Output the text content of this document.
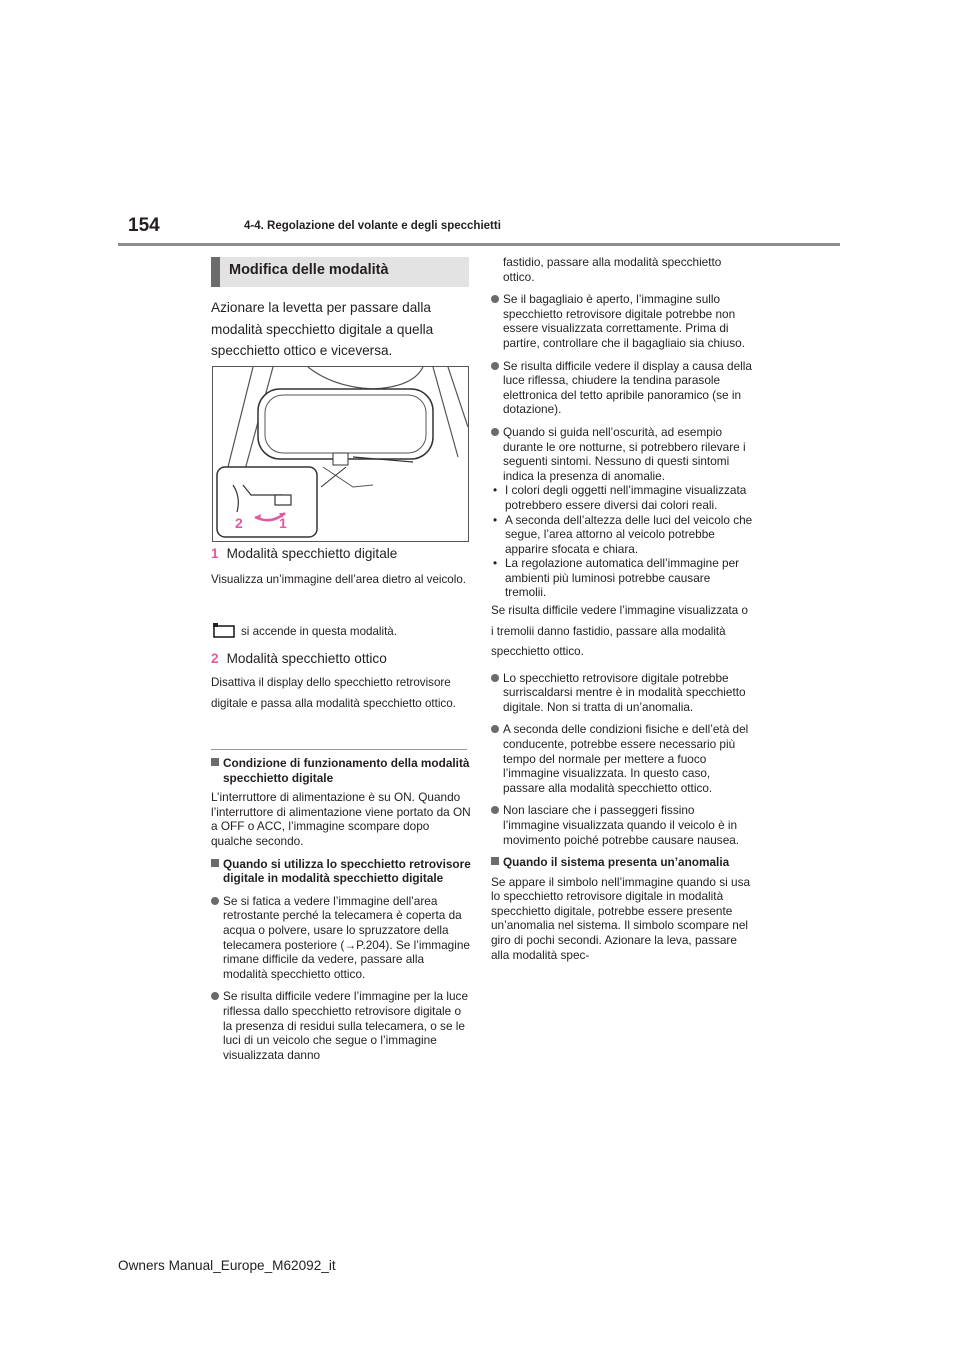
154	4-4. Regolazione del volante e degli specchietti
Modifica delle modalità
Azionare la levetta per passare dalla modalità specchietto digitale a quella specchietto ottico e viceversa.
2	1
1 Modalità specchietto digitale
Visualizza un’immagine dell’area dietro al veicolo.
si accende in questa modalità.
2 Modalità specchietto ottico
Disattiva il display dello specchietto retrovisore digitale e passa alla modalità specchietto ottico.
Condizione di funzionamento della modalità specchietto digitale
L’interruttore di alimentazione è su ON. Quando l’interruttore di alimentazione viene portato da ON a OFF o ACC, l’immagine scompare dopo qualche secondo.
Quando si utilizza lo specchietto retrovisore digitale in modalità specchietto digitale
Se si fatica a vedere l’immagine dell’area retrostante perché la telecamera è coperta da acqua o polvere, usare lo spruzzatore della telecamera posteriore (→P.204). Se l’immagine rimane difficile da vedere, passare alla modalità specchietto ottico.
Se risulta difficile vedere l’immagine per la luce riflessa dallo specchietto retrovisore digitale o la presenza di residui sulla telecamera, o se le luci di un veicolo che segue o l’immagine visualizzata danno
fastidio, passare alla modalità specchietto ottico.
Se il bagagliaio è aperto, l’immagine sullo specchietto retrovisore digitale potrebbe non essere visualizzata correttamente. Prima di partire, controllare che il bagagliaio sia chiuso.
Se risulta difficile vedere il display a causa della luce riflessa, chiudere la tendina parasole elettronica del tetto apribile panoramico (se in dotazione).
Quando si guida nell’oscurità, ad esempio durante le ore notturne, si potrebbero rilevare i seguenti sintomi. Nessuno di questi sintomi indica la presenza di anomalie.
• I colori degli oggetti nell’immagine visualizzata potrebbero essere diversi dai colori reali.
• A seconda dell’altezza delle luci del veicolo che segue, l’area attorno al veicolo potrebbe apparire sfocata e chiara.
• La regolazione automatica dell’immagine per ambienti più luminosi potrebbe causare tremolii.
Se risulta difficile vedere l’immagine visualizzata o i tremolii danno fastidio, passare alla modalità specchietto ottico.
Lo specchietto retrovisore digitale potrebbe surriscaldarsi mentre è in modalità specchietto digitale. Non si tratta di un’anomalia.
A seconda delle condizioni fisiche e dell’età del conducente, potrebbe essere necessario più tempo del normale per mettere a fuoco l’immagine visualizzata. In questo caso, passare alla modalità specchietto ottico.
Non lasciare che i passeggeri fissino l’immagine visualizzata quando il veicolo è in movimento poiché potrebbe causare nausea.
Quando il sistema presenta un’anomalia
Se appare il simbolo nell’immagine quando si usa lo specchietto retrovisore digitale in modalità specchietto digitale, potrebbe essere presente un’anomalia nel sistema. Il simbolo scompare nel giro di pochi secondi. Azionare la leva, passare alla modalità spec-
Owners Manual_Europe_M62092_it
